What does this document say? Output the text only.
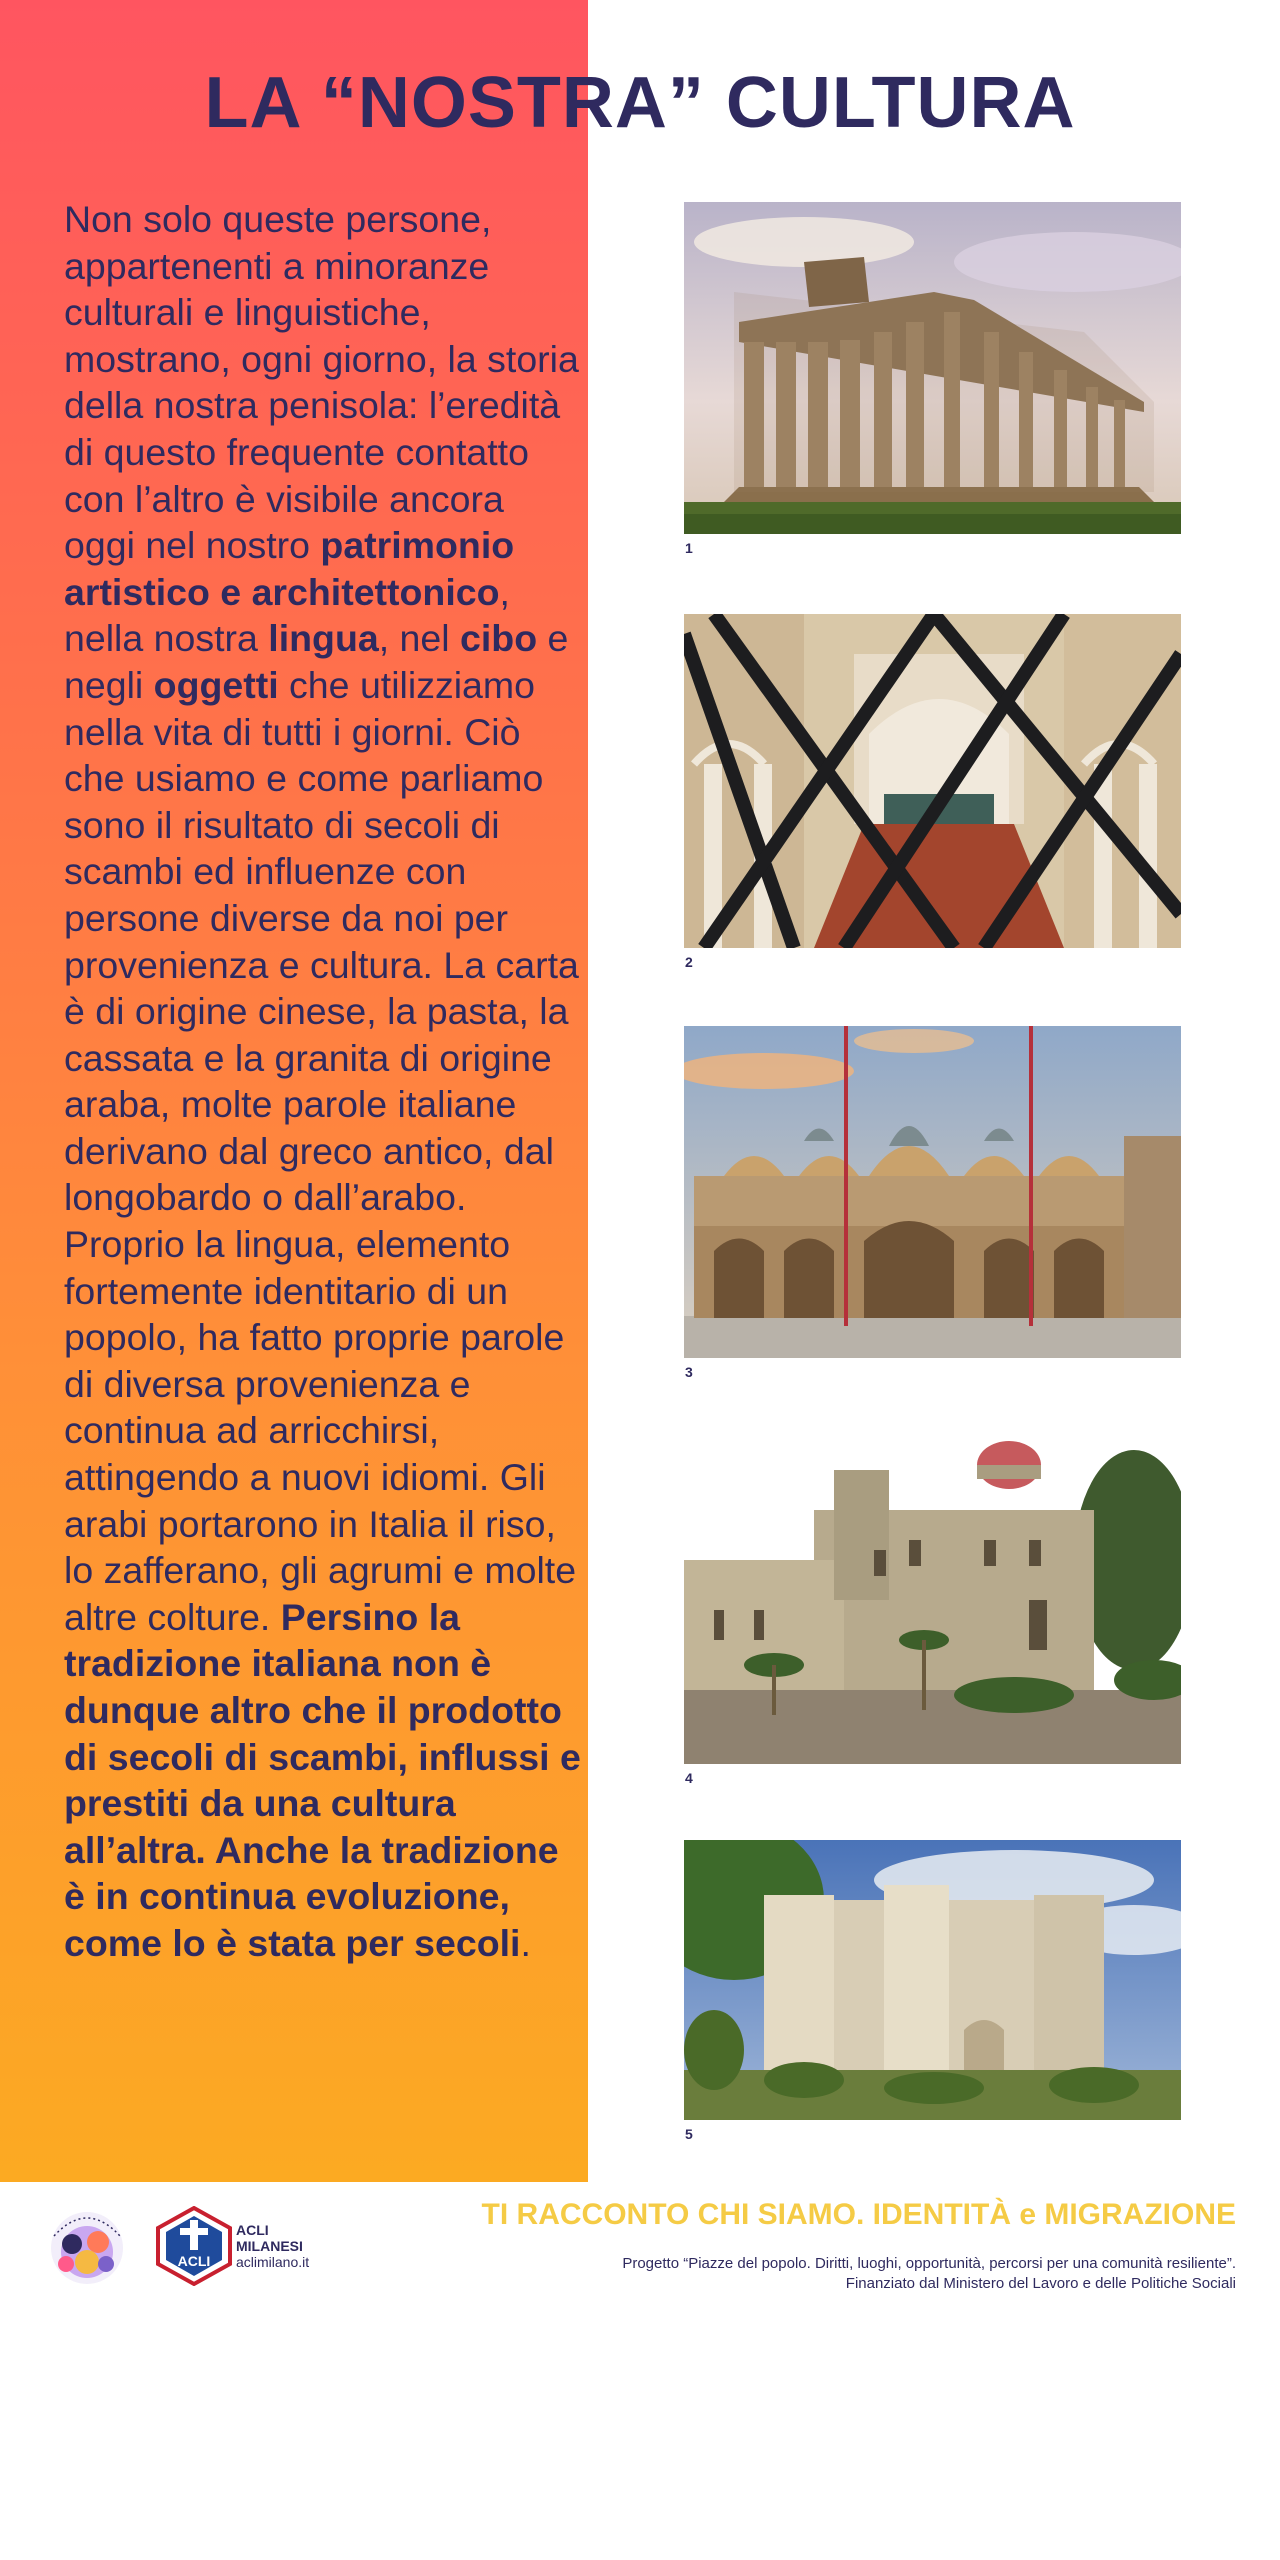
LA “NOSTRA” CULTURA

Non solo queste persone, appartenenti a minoranze culturali e linguistiche, mostrano, ogni giorno, la storia della nostra penisola: l’eredità di questo frequente contatto con l’altro è visibile ancora oggi nel nostro patrimonio artistico e architettonico, nella nostra lingua, nel cibo e negli oggetti che utilizziamo nella vita di tutti i giorni. Ciò che usiamo e come parliamo sono il risultato di secoli di scambi ed influenze con persone diverse da noi per provenienza e cultura. La carta è di origine cinese, la pasta, la cassata e la granita di origine araba, molte parole italiane derivano dal greco antico, dal longobardo o dall’arabo. Proprio la lingua, elemento fortemente identitario di un popolo, ha fatto proprie parole di diversa provenienza e continua ad arricchirsi, attingendo a nuovi idiomi. Gli arabi portarono in Italia il riso, lo zafferano, gli agrumi e molte altre colture. Persino la tradizione italiana non è dunque altro che il prodotto di secoli di scambi, influssi e prestiti da una cultura all’altra. Anche la tradizione è in continua evoluzione, come lo è stata per secoli.

1
2
3
4
5
ACLI
ACLI
MILANESI
aclimilano.it
TI RACCONTO CHI SIAMO. IDENTITÀ e MIGRAZIONE
Progetto “Piazze del popolo. Diritti, luoghi, opportunità, percorsi per una comunità resiliente”.
Finanziato dal Ministero del Lavoro e delle Politiche Sociali
